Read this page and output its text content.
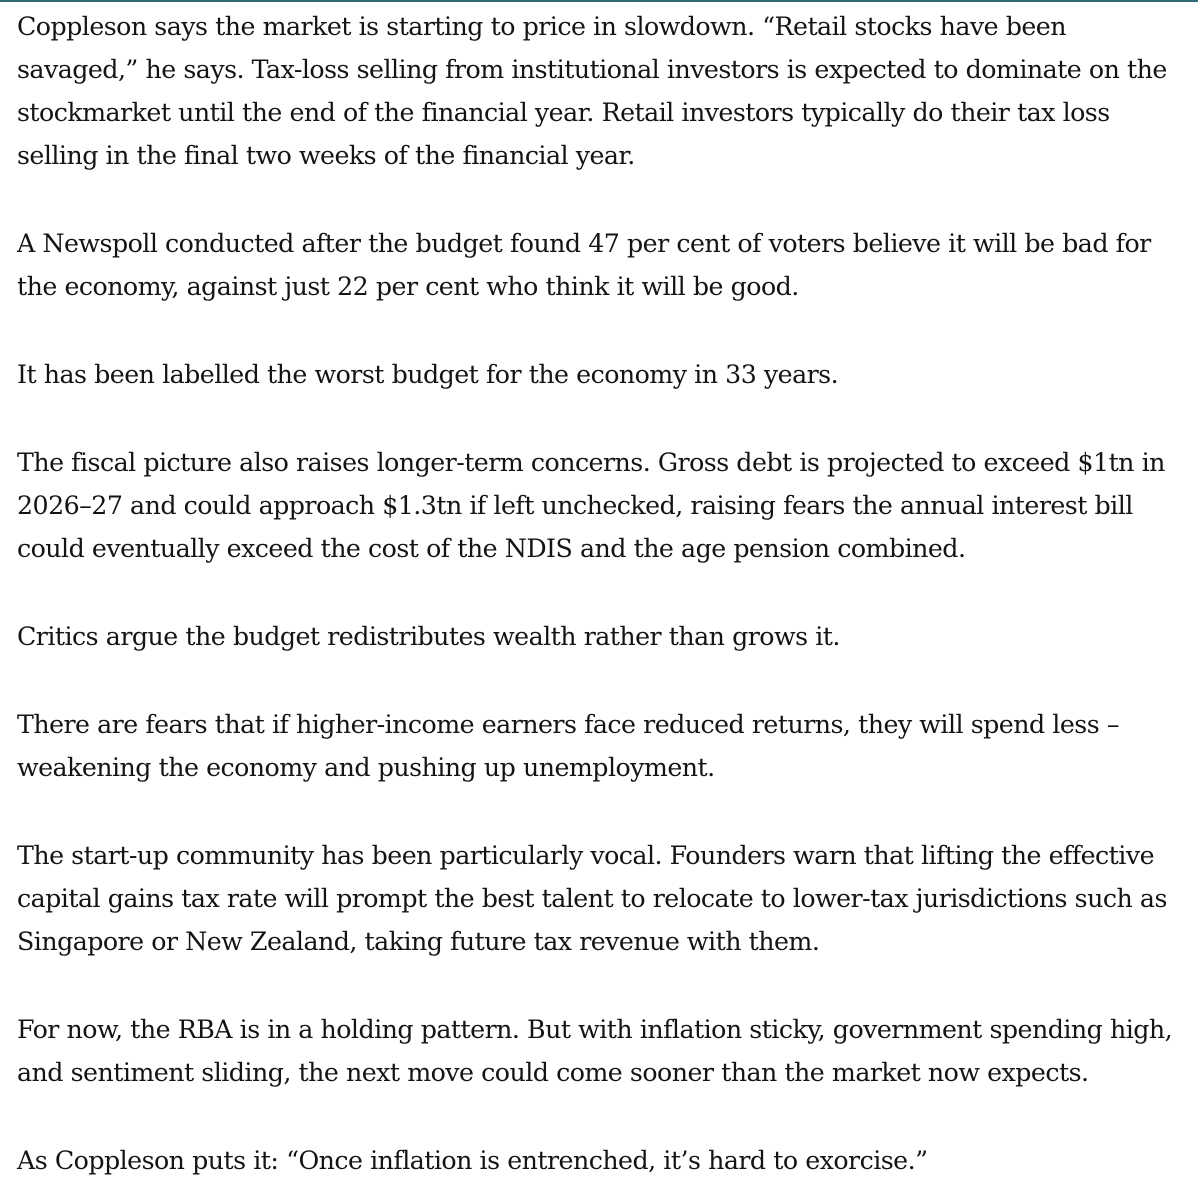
Coppleson says the market is starting to price in slowdown. “Retail stocks have been savaged,” he says. Tax-loss selling from institutional investors is expected to dominate on the stockmarket until the end of the financial year. Retail investors typically do their tax loss selling in the final two weeks of the financial year.

A Newspoll conducted after the budget found 47 per cent of voters believe it will be bad for the economy, against just 22 per cent who think it will be good.

It has been labelled the worst budget for the economy in 33 years.

The fiscal picture also raises longer-term concerns. Gross debt is projected to exceed $1tn in 2026–27 and could approach $1.3tn if left unchecked, raising fears the annual interest bill could eventually exceed the cost of the NDIS and the age pension combined.

Critics argue the budget redistributes wealth rather than grows it.

There are fears that if higher-income earners face reduced returns, they will spend less – weakening the economy and pushing up unemployment.

The start-up community has been particularly vocal. Founders warn that lifting the effective capital gains tax rate will prompt the best talent to relocate to lower-tax jurisdictions such as Singapore or New Zealand, taking future tax revenue with them.

For now, the RBA is in a holding pattern. But with inflation sticky, government spending high, and sentiment sliding, the next move could come sooner than the market now expects.

As Coppleson puts it: “Once inflation is entrenched, it’s hard to exorcise.”
